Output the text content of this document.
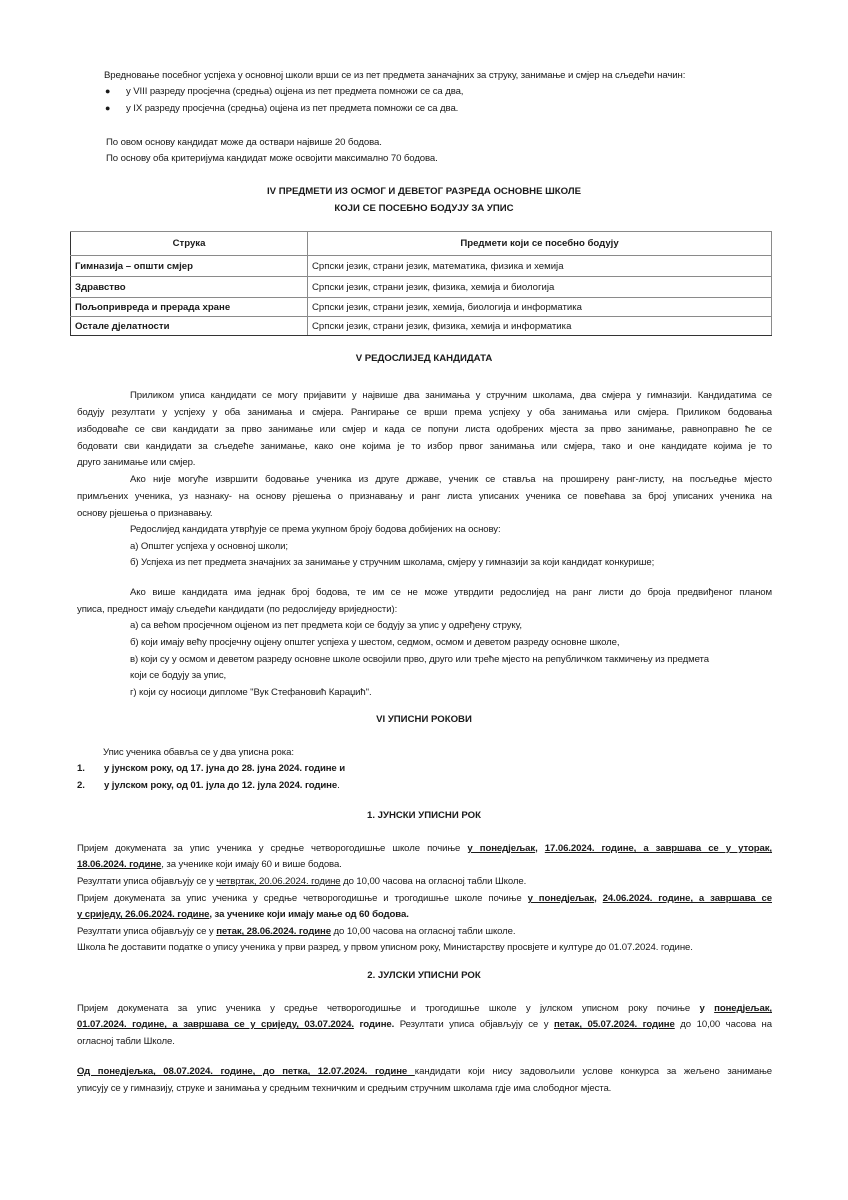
Вредновање посебног успјеха у основној школи врши се из пет предмета заначајних за струку, занимање и смјер на сљедећи начин:
● у VIII разреду просјечна (средња) оцјена из пет предмета помножи се са два,
● у IX разреду просјечна (средња) оцјена из пет предмета помножи се са два.
По овом основу кандидат може да оствари највише 20 бодова.
По основу оба критеријума кандидат може освојити максимално 70 бодова.
IV ПРЕДМЕТИ ИЗ ОСМОГ И ДЕВЕТОГ РАЗРЕДА ОСНОВНЕ ШКОЛЕ
КОЈИ СЕ ПОСЕБНО БОДУЈУ ЗА УПИС
Струка	Предмети који се посебно бодују
Гимназија – општи смјер	Српски језик, страни језик, математика, физика и хемија
Здравство	Српски језик, страни језик, физика, хемија и биологија
Пољопривреда и прерада хране	Српски језик, страни језик, хемија, биологија и информатика
Остале дјелатности	Српски језик, страни језик, физика, хемија и информатика
V РЕДОСЛИЈЕД КАНДИДАТА
Приликом уписа кандидати се могу пријавити у највише два занимања у стручним школама, два смјера у гимназији. Кандидатима се
бодују резултати у успјеху у оба занимања и смјера. Рангирање се врши према успјеху у оба занимања или смјера. Приликом бодовања
избодоваће се сви кандидати за прво занимање или смјер и када се попуни листа одобрених мјеста за прво занимање, равноправно ће се
бодовати сви кандидати за сљедеће занимање, како оне којима је то избор првог занимања или смјера, тако и оне кандидате којима је то
друго занимање или смјер.
Ако није могуће извршити бодовање ученика из друге државе, ученик се ставља на проширену ранг-листу, на посљедње мјесто
примљених ученика, уз назнаку- на основу рјешења о признавању и ранг листа уписаних ученика се повећава за број уписаних ученика на
основу рјешења о признавању.
Редослијед кандидата утврђује се према укупном броју бодова добијених на основу:
а) Општег успјеха у основној школи;
б) Успјеха из пет предмета значајних за занимање у стручним школама, смјеру у гимназији за који кандидат конкурише;
Ако више кандидата има једнак број бодова, те им се не може утврдити редослијед на ранг листи до броја предвиђеног планом
уписа, предност имају сљедећи кандидати (по редослиједу вриједности):
а) са већом просјечном оцјеном из пет предмета који се бодују за упис у одређену струку,
б) који имају већу просјечну оцјену општег успјеха у шестом, седмом, осмом и деветом разреду основне школе,
в) који су у осмом и деветом разреду основне школе освојили прво, друго или треће мјесто на републичком такмичењу из предмета
који се бодују за упис,
г) који су носиоци дипломе "Вук Стефановић Караџић".
VI УПИСНИ РОКОВИ
Упис ученика обавља се у два уписна рока:
1. у јунском року, од 17. јуна до 28. јуна 2024. године и
2. у јулском року, од 01. јула до 12. јула 2024. године.
1. ЈУНСКИ УПИСНИ РОК
Пријем докумената за упис ученика у средње четворогодишње школе почиње у понедјељак, 17.06.2024. године, а завршава се у уторак,
18.06.2024. године, за ученике који имају 60 и више бодова.
Резултати уписа објављују се у четвртак, 20.06.2024. године до 10,00 часова на огласној табли Школе.
Пријем докумената за упис ученика у средње четворогодишње и трогодишње школе почиње у понедјељак, 24.06.2024. године, а завршава се
у сриједу, 26.06.2024. године, за ученике који имају мање од 60 бодова.
Резултати уписа објављују се у петак, 28.06.2024. године до 10,00 часова на огласној табли школе.
Школа ће доставити податке о упису ученика у први разред, у првом уписном року, Министарству просвјете и културе до 01.07.2024. године.
2. ЈУЛСКИ УПИСНИ РОК
Пријем докумената за упис ученика у средње четворогодишње и трогодишње школе у јулском уписном року почиње у понедјељак,
01.07.2024. године, а завршава се у сриједу, 03.07.2024. године. Резултати уписа објављују се у петак, 05.07.2024. године до 10,00 часова на
огласној табли Школе.
Од понедјељка, 08.07.2024. године, до петка, 12.07.2024. године кандидати који нису задовољили услове конкурса за жељено занимање
уписују се у гимназију, струке и занимања у средњим техничким и средњим стручним школама гдје има слободног мјеста.
